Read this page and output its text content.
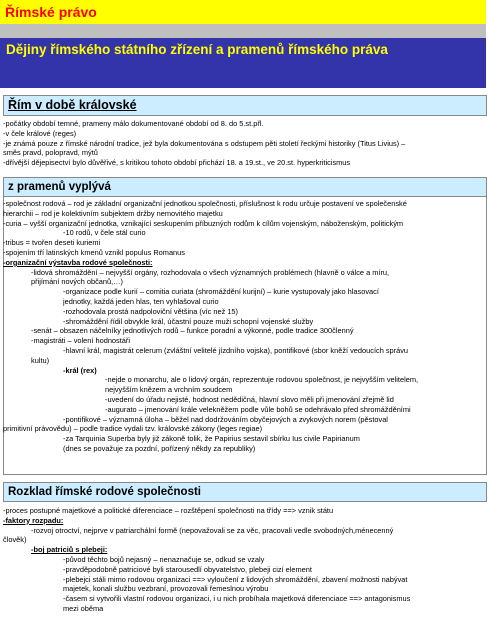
Římské právo
Dějiny římského státního zřízení a pramenů římského práva
Řím v době královské

-počátky období temné, prameny málo dokumentované období od 8. do 5.st.přl.

-v čele králové (reges)

-je známá pouze z římské národní tradice, jež byla dokumentována s odstupem pěti století řeckými historiky (Titus Livius) –

směs pravd, polopravd, mýtů

-dřívější dějepisectví bylo důvěřivé, s kritikou tohoto období přichází 18. a 19.st., ve 20.st. hyperkriticismus

z pramenů vyplývá

-společnost rodová – rod je základní organizační jednotkou společnosti, příslušnost k rodu určuje postavení ve společenské

hierarchii – rod je kolektivním subjektem držby nemovitého majetku

-curia – vyšší organizační jednotka, vznikající seskupením příbuzných rodům k cílům vojenským, náboženským, politickým

-10 rodů, v čele stál curio

-tribus = tvořen deseti kuriemi

-spojením tří latinských kmenů vznikl populus Romanus

-organizační výstavba rodové společnosti:

-lidová shromáždění – nejvyšší orgány, rozhodovala o všech významných problémech (hlavně o válce a míru,

přijímání nových občanů,…)

-organizace podle kurií – comitia curiata (shromáždění kurijní) – kurie vystupovaly jako hlasovací

jednotky, každá jeden hlas, ten vyhlašoval curio

-rozhodovala prostá nadpoloviční většina (víc než 15)

-shromáždění řídil obvykle král, účastní pouze muži schopní vojenské služby

-senát – obsazen náčelníky jednotlivých rodů – funkce poradní a výkonné, podle tradice 300členný

-magistráti – volení hodnostáři

-hlavní král, magistrát celerum (zvláštní velitelé jízdního vojska), pontifikové (sbor kněží vedoucích správu

kultu)

-král (rex)

-nejde o monarchu, ale o lidový orgán, reprezentuje rodovou společnost, je nejvyšším velitelem,

nejvyšším knězem a vrchním soudcem

-uvedení do úřadu nejisté, hodnost nedědičná, hlavní slovo měli při jmenování zřejmě lid

-augurato – jmenování krále velekněžem podle vůle bohů se odehrávalo před shromážděními

-pontifikové – významná úloha – běžel nad dodržováním obyčejových a zvykových norem (pěstoval

primitivní právovědu) – podle tradice vydali tzv. královské zákony (leges regiae)

-za Tarquinia Superba byly již zákoně tolik, že Papirius sestavil sbírku Ius civile Papirianum

(dnes se považuje za pozdní, pořízený někdy za republiky)

Rozklad římské rodové společnosti

-proces postupné majetkové a politické diferenciace – rozštěpení společnosti na třídy ==> vznik státu

-faktory rozpadu:

-rozvoj otroctví, nejprve v patriarchální formě (nepovažovali se za věc, pracovali vedle svobodných,ménecenný

člověk)

-boj patriciů s plebeji:

-původ těchto bojů nejasný – nenaznačuje se, odkud se vzaly

-pravděpodobně patriciové byli starousedlí obyvatelstvo, plebeji cizí element

-plebejci stáli mimo rodovou organizaci ==> vyloučení z lidových shromáždění, zbavení možnosti nabývat

majetek, konali službu vezbraní, provozovali řemeslnou výrobu

-časem si vytvořili vlastní rodovou organizaci, i u nich probíhala majetková diferenciace ==> antagonismus

mezi oběma
